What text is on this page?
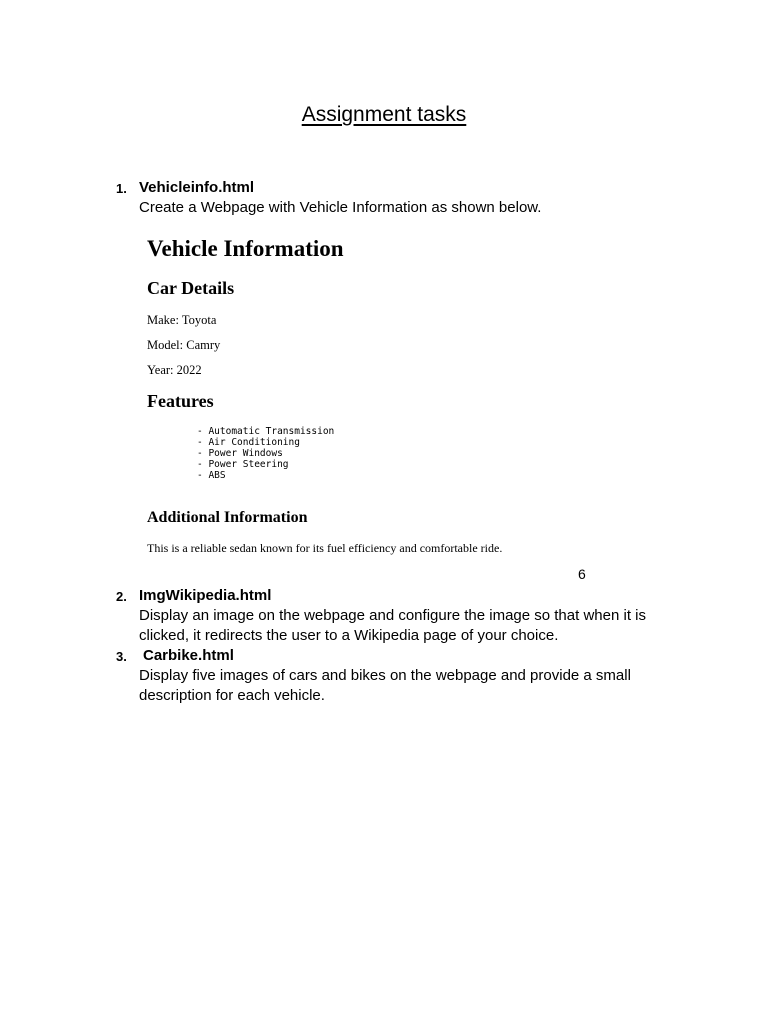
Assignment tasks
1. Vehicleinfo.html
Create a Webpage with Vehicle Information as shown below.
Vehicle Information
Car Details
Make: Toyota
Model: Camry
Year: 2022
Features
- Automatic Transmission
- Air Conditioning
- Power Windows
- Power Steering
- ABS
Additional Information
This is a reliable sedan known for its fuel efficiency and comfortable ride.
6
2. ImgWikipedia.html
Display an image on the webpage and configure the image so that when it is clicked, it redirects the user to a Wikipedia page of your choice.
3. Carbike.html
Display five images of cars and bikes on the webpage and provide a small description for each vehicle.
